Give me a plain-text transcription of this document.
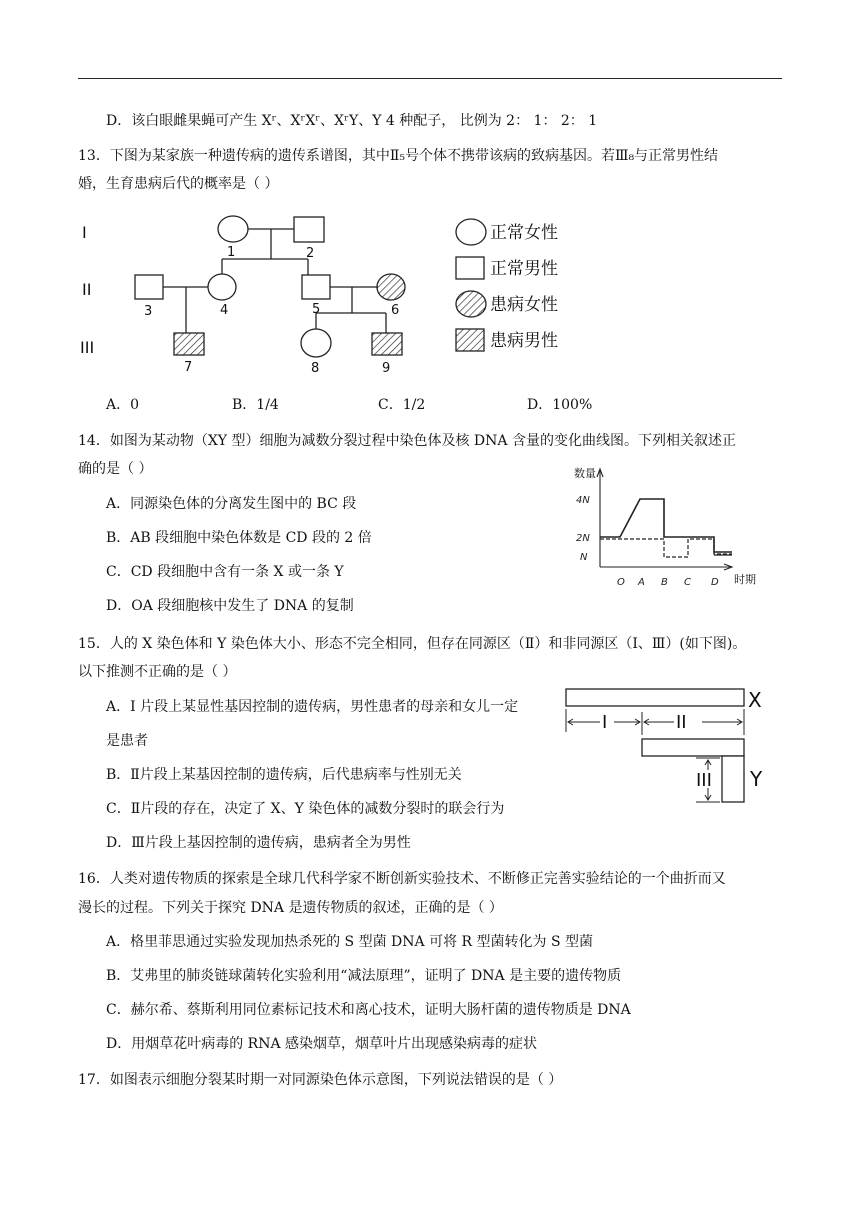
D．该白眼雌果蝇可产生 Xʳ、XʳXʳ、XʳY、Y 4 种配子， 比例为 2： 1： 2： 1
13．下图为某家族一种遗传病的遗传系谱图，其中Ⅱ₅号个体不携带该病的致病基因。若Ⅲ₈与正常男性结
婚，生育患病后代的概率是（ ）
I
II
III
1	2
3	4	5	6
7	8	9
正常女性
正常男性
患病女性
患病男性
A．0	B．1/4	C．1/2	D．100%
14．如图为某动物（XY 型）细胞为减数分裂过程中染色体及核 DNA 含量的变化曲线图。下列相关叙述正
确的是（ ）
A．同源染色体的分离发生图中的 BC 段
B．AB 段细胞中染色体数是 CD 段的 2 倍
C．CD 段细胞中含有一条 X 或一条 Y
D．OA 段细胞核中发生了 DNA 的复制
4N
2N
N
O A B C D
数量
时期
15．人的 X 染色体和 Y 染色体大小、形态不完全相同，但存在同源区（Ⅱ）和非同源区（Ⅰ、Ⅲ）(如下图)。
以下推测不正确的是（ ）
A．I 片段上某显性基因控制的遗传病，男性患者的母亲和女儿一定
是患者
B．Ⅱ片段上某基因控制的遗传病，后代患病率与性别无关
C．Ⅱ片段的存在，决定了 X、Y 染色体的减数分裂时的联会行为
D．Ⅲ片段上基因控制的遗传病，患病者全为男性
X
Y
I	II
III
16．人类对遗传物质的探索是全球几代科学家不断创新实验技术、不断修正完善实验结论的一个曲折而又
漫长的过程。下列关于探究 DNA 是遗传物质的叙述，正确的是（ ）
A．格里菲思通过实验发现加热杀死的 S 型菌 DNA 可将 R 型菌转化为 S 型菌
B．艾弗里的肺炎链球菌转化实验利用“减法原理”，证明了 DNA 是主要的遗传物质
C．赫尔希、蔡斯利用同位素标记技术和离心技术，证明大肠杆菌的遗传物质是 DNA
D．用烟草花叶病毒的 RNA 感染烟草，烟草叶片出现感染病毒的症状
17．如图表示细胞分裂某时期一对同源染色体示意图，下列说法错误的是（ ）
